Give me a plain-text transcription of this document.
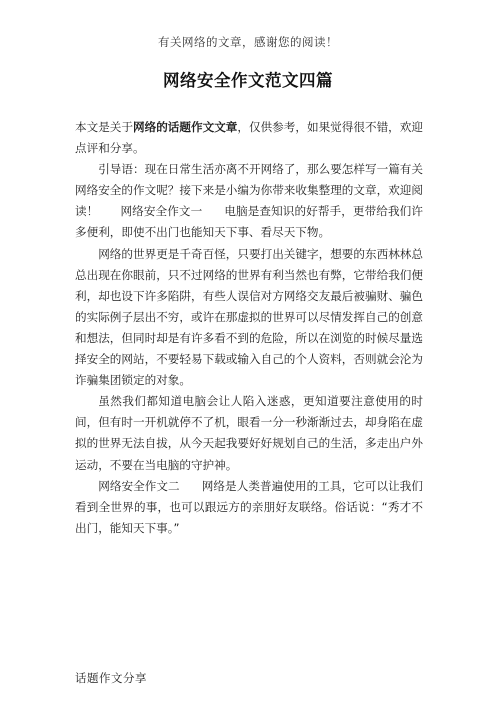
有关网络的文章，感谢您的阅读！
网络安全作文范文四篇

本文是关于网络的话题作文文章，仅供参考，如果觉得很不错，欢迎点评和分享。

引导语：现在日常生活亦离不开网络了，那么要怎样写一篇有关网络安全的作文呢？接下来是小编为你带来收集整理的文章，欢迎阅读！ 网络安全作文一 电脑是查知识的好帮手，更带给我们许多便利，即使不出门也能知天下事、看尽天下物。

网络的世界更是千奇百怪，只要打出关键字，想要的东西林林总总出现在你眼前，只不过网络的世界有利当然也有弊，它带给我们便利，却也设下许多陷阱，有些人误信对方网络交友最后被骗财、骗色的实际例子层出不穷，或许在那虚拟的世界可以尽情发挥自己的创意和想法，但同时却是有许多看不到的危险，所以在浏览的时候尽量选择安全的网站，不要轻易下载或输入自己的个人资料，否则就会沦为诈骗集团锁定的对象。

虽然我们都知道电脑会让人陷入迷惑，更知道要注意使用的时间，但有时一开机就停不了机，眼看一分一秒渐渐过去，却身陷在虚拟的世界无法自拔，从今天起我要好好规划自己的生活，多走出户外运动，不要在当电脑的守护神。

网络安全作文二 网络是人类普遍使用的工具，它可以让我们看到全世界的事，也可以跟远方的亲朋好友联络。俗话说：“秀才不出门，能知天下事。”

话题作文分享
